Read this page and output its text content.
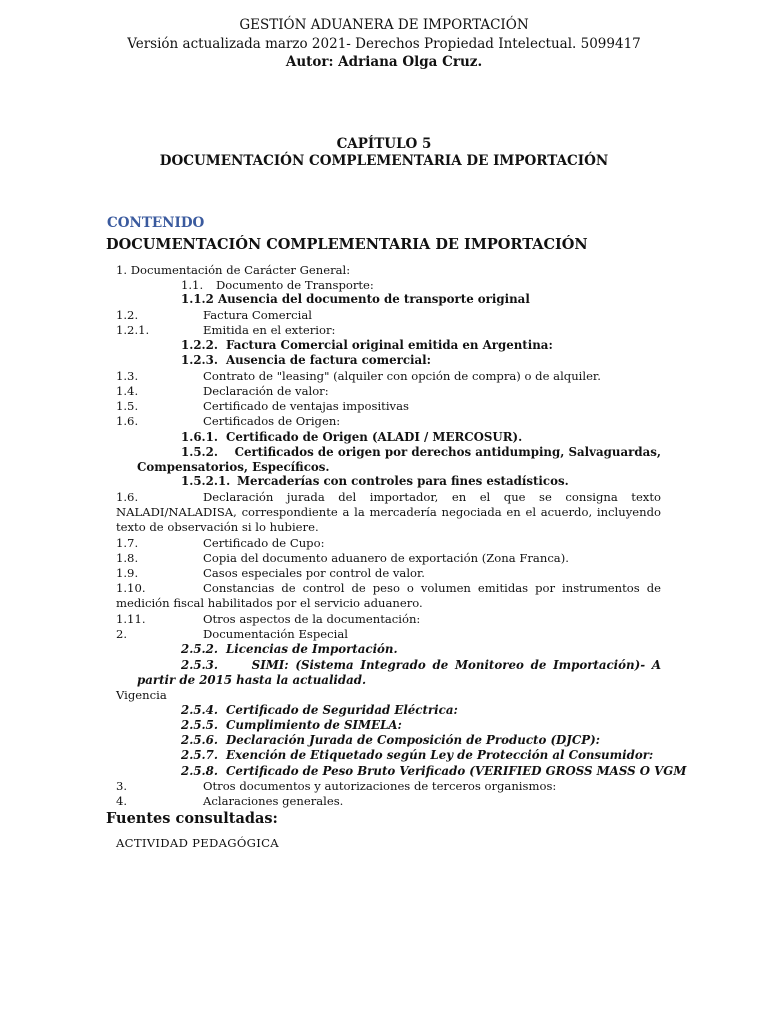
GESTIÓN ADUANERA DE IMPORTACIÓN
Versión actualizada marzo 2021- Derechos Propiedad Intelectual. 5099417
Autor: Adriana Olga Cruz.
CAPÍTULO 5
DOCUMENTACIÓN COMPLEMENTARIA DE IMPORTACIÓN
CONTENIDO
DOCUMENTACIÓN COMPLEMENTARIA DE IMPORTACIÓN
1. Documentación de Carácter General:
1.1. Documento de Transporte:
1.1.2 Ausencia del documento de transporte original
1.2.	Factura Comercial
1.2.1.	Emitida en el exterior:
1.2.2. Factura Comercial original emitida en Argentina:
1.2.3. Ausencia de factura comercial:
1.3.	Contrato de "leasing" (alquiler con opción de compra) o de alquiler.
1.4.	Declaración de valor:
1.5.	Certificado de ventajas impositivas
1.6.	Certificados de Origen:
1.6.1. Certificado de Origen (ALADI / MERCOSUR).
1.5.2. Certificados de origen por derechos antidumping, Salvaguardas, Compensatorios, Específicos.
1.5.2.1. Mercaderías con controles para fines estadísticos.
1.6.	Declaración jurada del importador, en el que se consigna texto NALADI/NALADISA, correspondiente a la mercadería negociada en el acuerdo, incluyendo texto de observación si lo hubiere.
1.7.	Certificado de Cupo:
1.8.	Copia del documento aduanero de exportación (Zona Franca).
1.9.	Casos especiales por control de valor.
1.10.	Constancias de control de peso o volumen emitidas por instrumentos de medición fiscal habilitados por el servicio aduanero.
1.11.	Otros aspectos de la documentación:
2.	Documentación Especial
2.5.2. Licencias de Importación.
2.5.3.	SIMI: (Sistema Integrado de Monitoreo de Importación)- A partir de 2015 hasta la actualidad.
Vigencia
2.5.4. Certificado de Seguridad Eléctrica:
2.5.5. Cumplimiento de SIMELA:
2.5.6. Declaración Jurada de Composición de Producto (DJCP):
2.5.7. Exención de Etiquetado según Ley de Protección al Consumidor:
2.5.8. Certificado de Peso Bruto Verificado (VERIFIED GROSS MASS O VGM
3.	Otros documentos y autorizaciones de terceros organismos:
4.	Aclaraciones generales.
Fuentes consultadas:
ACTIVIDAD PEDAGÓGICA
